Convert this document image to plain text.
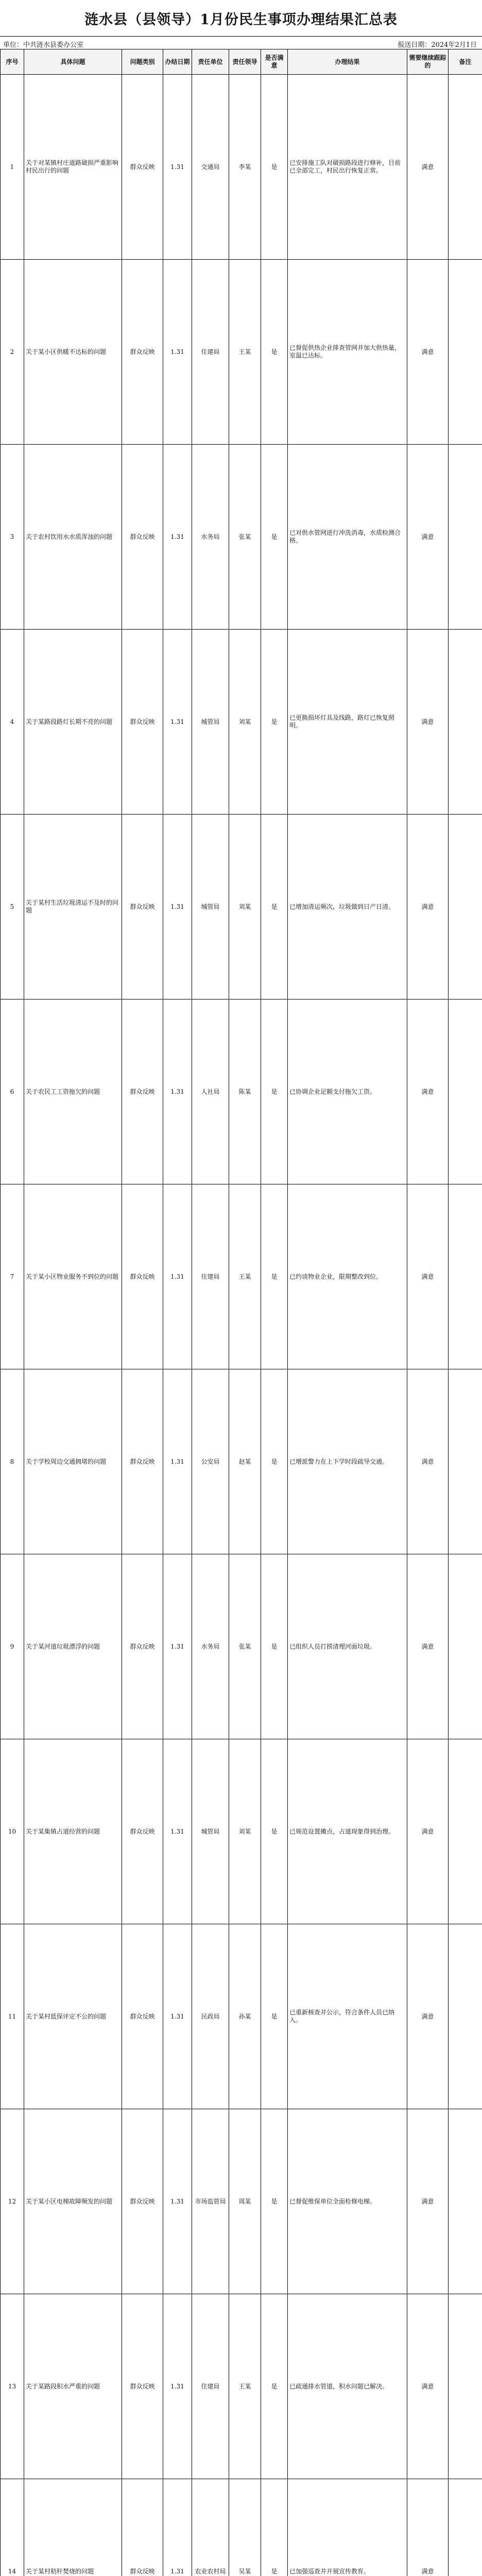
涟水县（县领导）1月份民生事项办理结果汇总表
单位：中共涟水县委办公室	报送日期：2024年2月1日
序号	具体问题	问题类别	办结日期	责任单位	责任领导	是否满意	办理结果	需要继续跟踪的	备注
1	关于对某镇村庄道路破损严重影响村民出行的问题	群众反映	1.31	交通局	李某	是	已安排施工队对破损路段进行修补，目前已全部完工，村民出行恢复正常。	满意	
2	关于某小区供暖不达标的问题	群众反映	1.31	住建局	王某	是	已督促供热企业排查管网并加大供热量，室温已达标。	满意	
3	关于农村饮用水水质浑浊的问题	群众反映	1.31	水务局	张某	是	已对供水管网进行冲洗消毒，水质检测合格。	满意	
4	关于某路段路灯长期不亮的问题	群众反映	1.31	城管局	刘某	是	已更换损坏灯具及线路，路灯已恢复照明。	满意	
5	关于某村生活垃圾清运不及时的问题	群众反映	1.31	城管局	刘某	是	已增加清运频次，垃圾做到日产日清。	满意	
6	关于农民工工资拖欠的问题	群众反映	1.31	人社局	陈某	是	已协调企业足额支付拖欠工资。	满意	
7	关于某小区物业服务不到位的问题	群众反映	1.31	住建局	王某	是	已约谈物业企业，限期整改到位。	满意	
8	关于学校周边交通拥堵的问题	群众反映	1.31	公安局	赵某	是	已增派警力在上下学时段疏导交通。	满意	
9	关于某河道垃圾漂浮的问题	群众反映	1.31	水务局	张某	是	已组织人员打捞清理河面垃圾。	满意	
10	关于某集镇占道经营的问题	群众反映	1.31	城管局	刘某	是	已规范设置摊点，占道现象得到治理。	满意	
11	关于某村低保评定不公的问题	群众反映	1.31	民政局	孙某	是	已重新核查并公示，符合条件人员已纳入。	满意	
12	关于某小区电梯故障频发的问题	群众反映	1.31	市场监管局	周某	是	已督促维保单位全面检修电梯。	满意	
13	关于某路段积水严重的问题	群众反映	1.31	住建局	王某	是	已疏通排水管道，积水问题已解决。	满意	
14	关于某村秸秆焚烧的问题	群众反映	1.31	农业农村局	吴某	是	已加强巡查并开展宣传教育。	满意	
